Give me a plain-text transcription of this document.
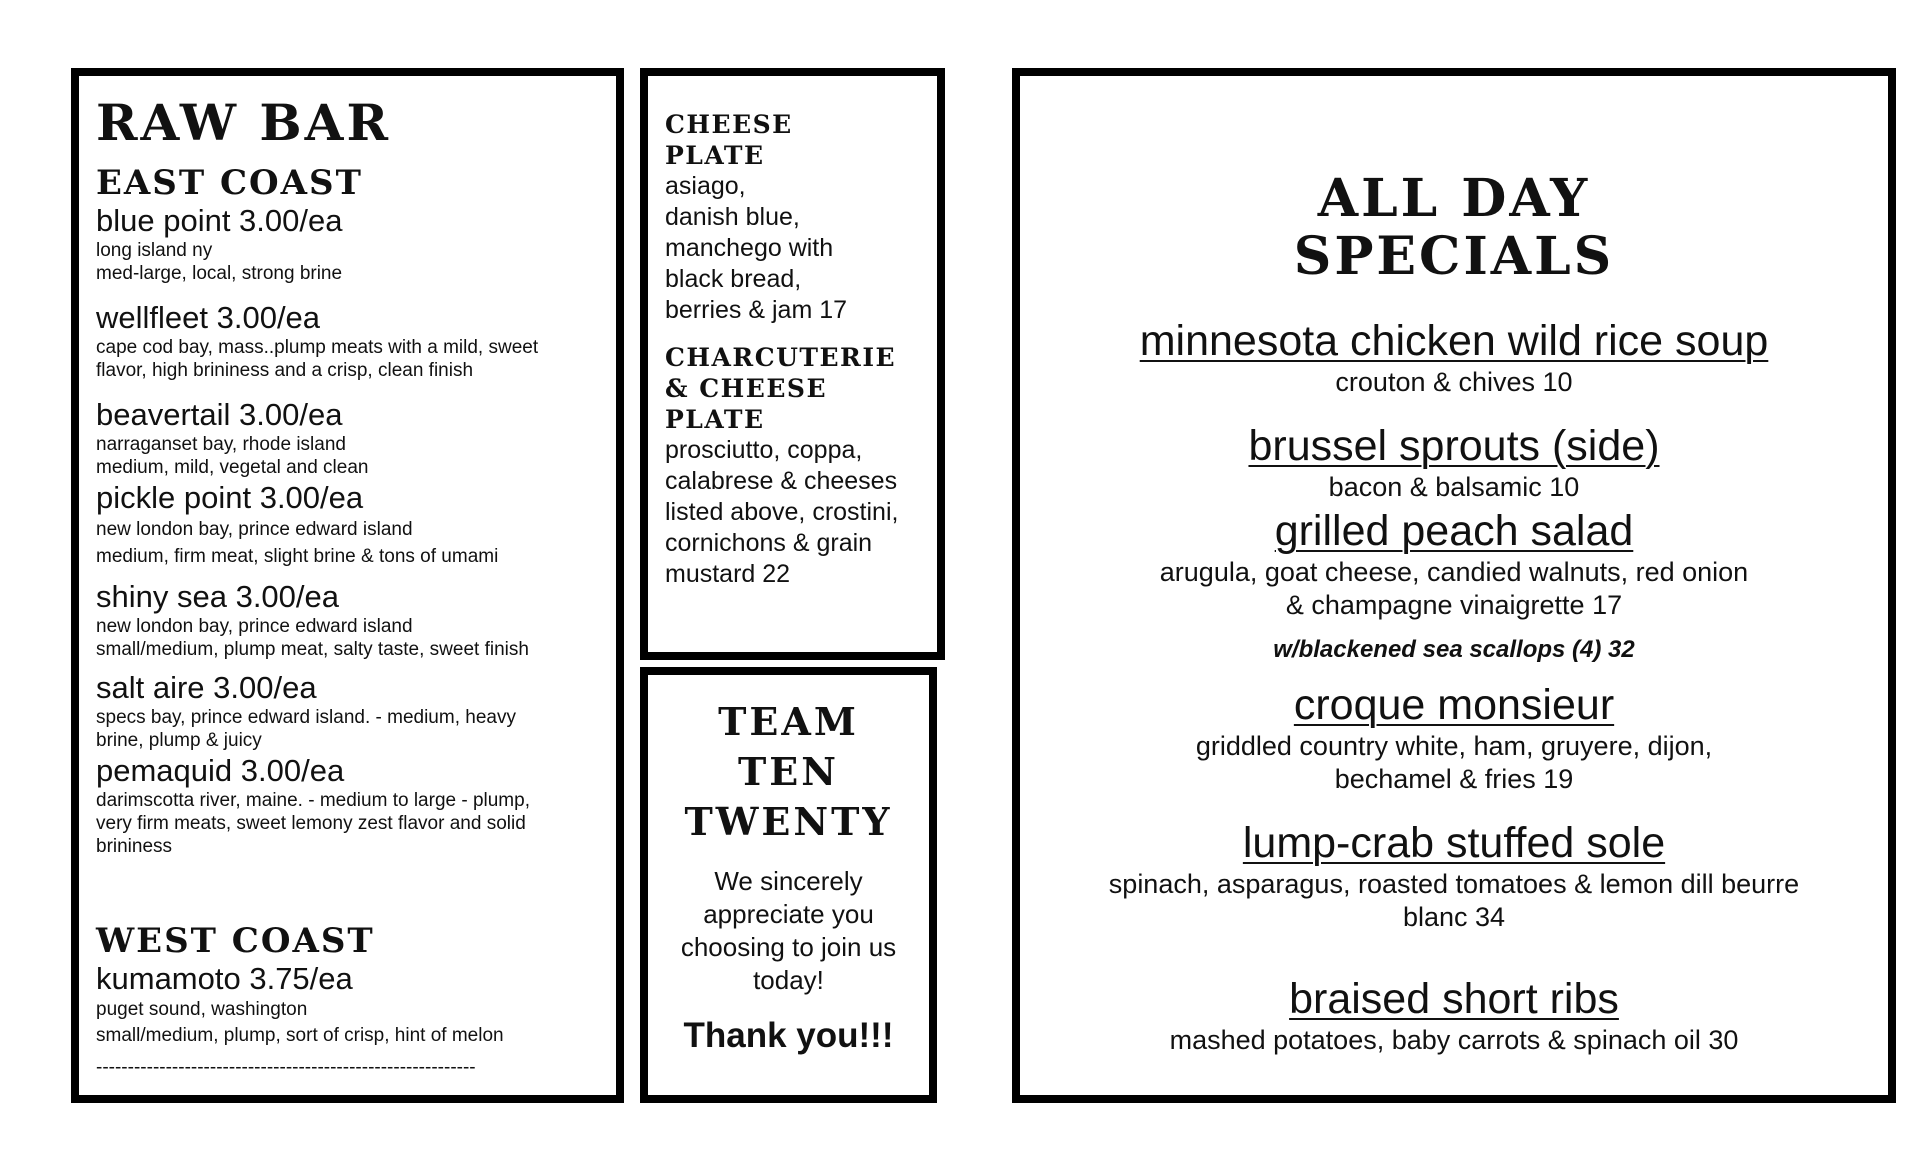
RAW BAR
EAST COAST
blue point 3.00/ea
long island ny
med-large, local, strong brine
wellfleet 3.00/ea
cape cod bay, mass..plump meats with a mild, sweet
flavor, high brininess and a crisp, clean finish
beavertail 3.00/ea
narraganset bay, rhode island
medium, mild, vegetal and clean
pickle point 3.00/ea
new london bay, prince edward island
medium, firm meat, slight brine & tons of umami
shiny sea 3.00/ea
new london bay, prince edward island
small/medium, plump meat, salty taste, sweet finish
salt aire 3.00/ea
specs bay, prince edward island. - medium, heavy
brine, plump & juicy
pemaquid 3.00/ea
darimscotta river, maine. - medium to large - plump,
very firm meats, sweet lemony zest flavor and solid
brininess
WEST COAST
kumamoto 3.75/ea
puget sound, washington
small/medium, plump, sort of crisp, hint of melon
------------------------------------------------------------
CHEESE
PLATE

asiago,
danish blue,
manchego with
black bread,
berries & jam 17

CHARCUTERIE
& CHEESE
PLATE

prosciutto, coppa,
calabrese & cheeses
listed above, crostini,
cornichons & grain
mustard 22

TEAM
TEN
TWENTY

We sincerely
appreciate you
choosing to join us
today!

Thank you!!!

ALL DAY
SPECIALS
minnesota chicken wild rice soup
crouton & chives 10
brussel sprouts (side)
bacon & balsamic 10
grilled peach salad
arugula, goat cheese, candied walnuts, red onion
& champagne vinaigrette 17
w/blackened sea scallops (4) 32
croque monsieur
griddled country white, ham, gruyere, dijon,
bechamel & fries 19
lump-crab stuffed sole
spinach, asparagus, roasted tomatoes & lemon dill beurre
blanc 34
braised short ribs
mashed potatoes, baby carrots & spinach oil 30
